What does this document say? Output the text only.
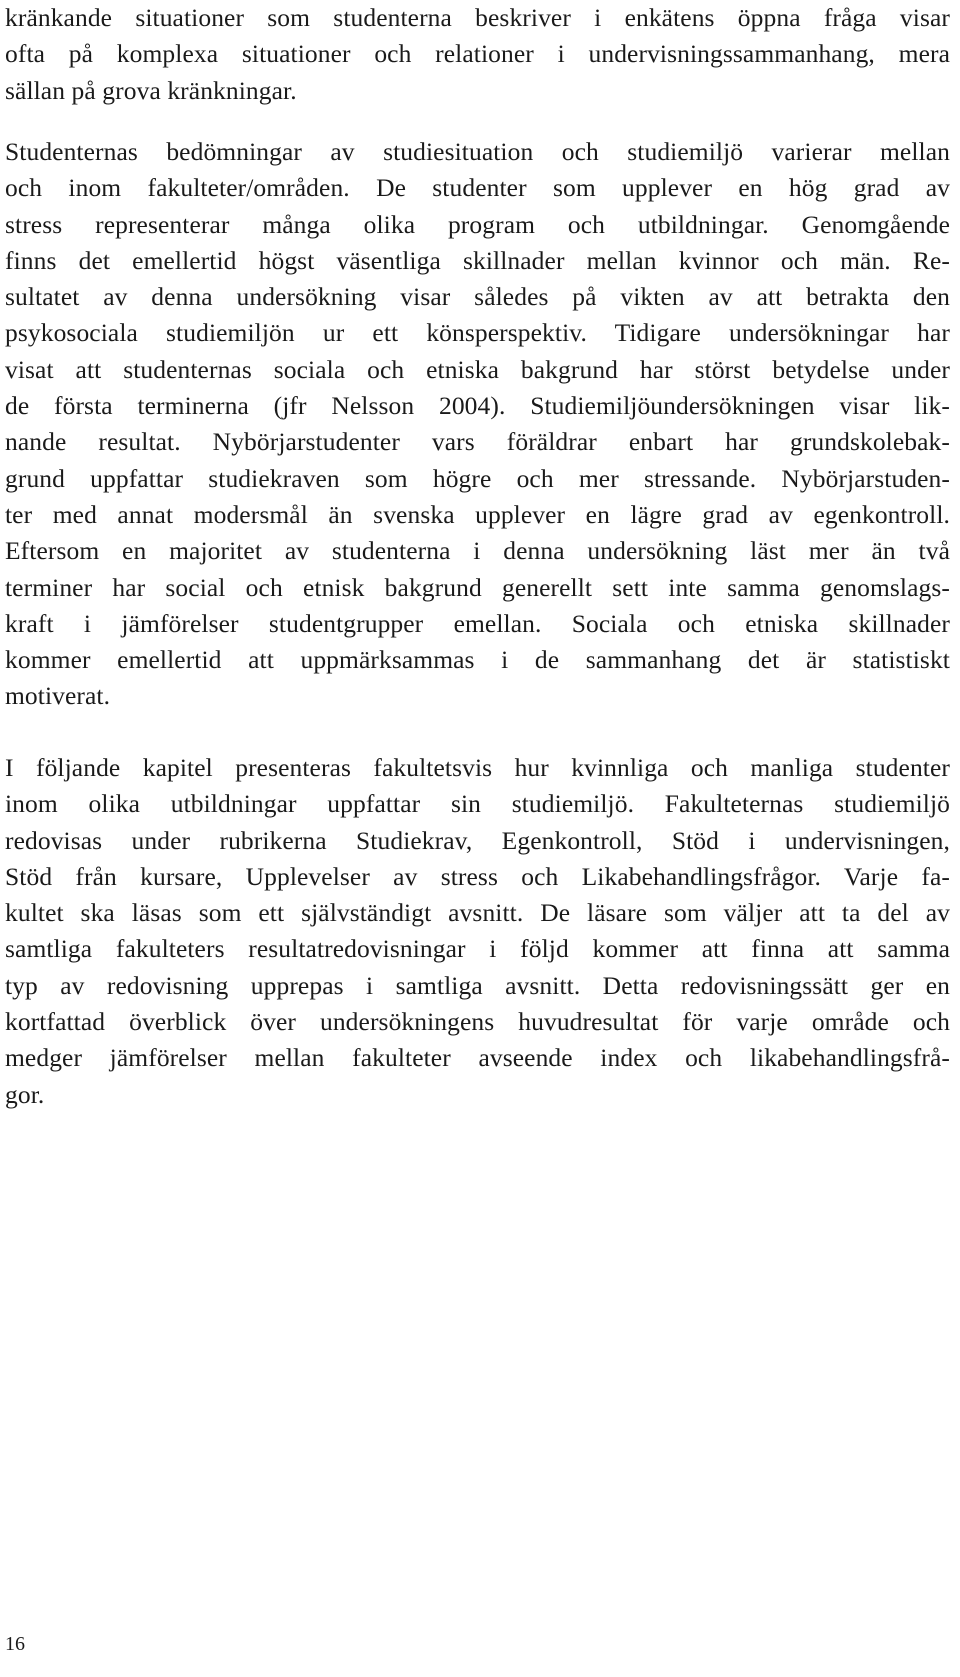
kränkande situationer som studenterna beskriver i enkätens öppna fråga visar
ofta på komplexa situationer och relationer i undervisningssammanhang, mera
sällan på grova kränkningar.
Studenternas bedömningar av studiesituation och studiemiljö varierar mellan
och inom fakulteter/områden. De studenter som upplever en hög grad av
stress representerar många olika program och utbildningar. Genomgående
finns det emellertid högst väsentliga skillnader mellan kvinnor och män. Re-
sultatet av denna undersökning visar således på vikten av att betrakta den
psykosociala studiemiljön ur ett könsperspektiv. Tidigare undersökningar har
visat att studenternas sociala och etniska bakgrund har störst betydelse under
de första terminerna (jfr Nelsson 2004). Studiemiljöundersökningen visar lik-
nande resultat. Nybörjarstudenter vars föräldrar enbart har grundskolebak-
grund uppfattar studiekraven som högre och mer stressande. Nybörjarstuden-
ter med annat modersmål än svenska upplever en lägre grad av egenkontroll.
Eftersom en majoritet av studenterna i denna undersökning läst mer än två
terminer har social och etnisk bakgrund generellt sett inte samma genomslags-
kraft i jämförelser studentgrupper emellan. Sociala och etniska skillnader
kommer emellertid att uppmärksammas i de sammanhang det är statistiskt
motiverat.
I följande kapitel presenteras fakultetsvis hur kvinnliga och manliga studenter
inom olika utbildningar uppfattar sin studiemiljö. Fakulteternas studiemiljö
redovisas under rubrikerna Studiekrav, Egenkontroll, Stöd i undervisningen,
Stöd från kursare, Upplevelser av stress och Likabehandlingsfrågor. Varje fa-
kultet ska läsas som ett självständigt avsnitt. De läsare som väljer att ta del av
samtliga fakulteters resultatredovisningar i följd kommer att finna att samma
typ av redovisning upprepas i samtliga avsnitt. Detta redovisningssätt ger en
kortfattad överblick över undersökningens huvudresultat för varje område och
medger jämförelser mellan fakulteter avseende index och likabehandlingsfrå-
gor.
16
